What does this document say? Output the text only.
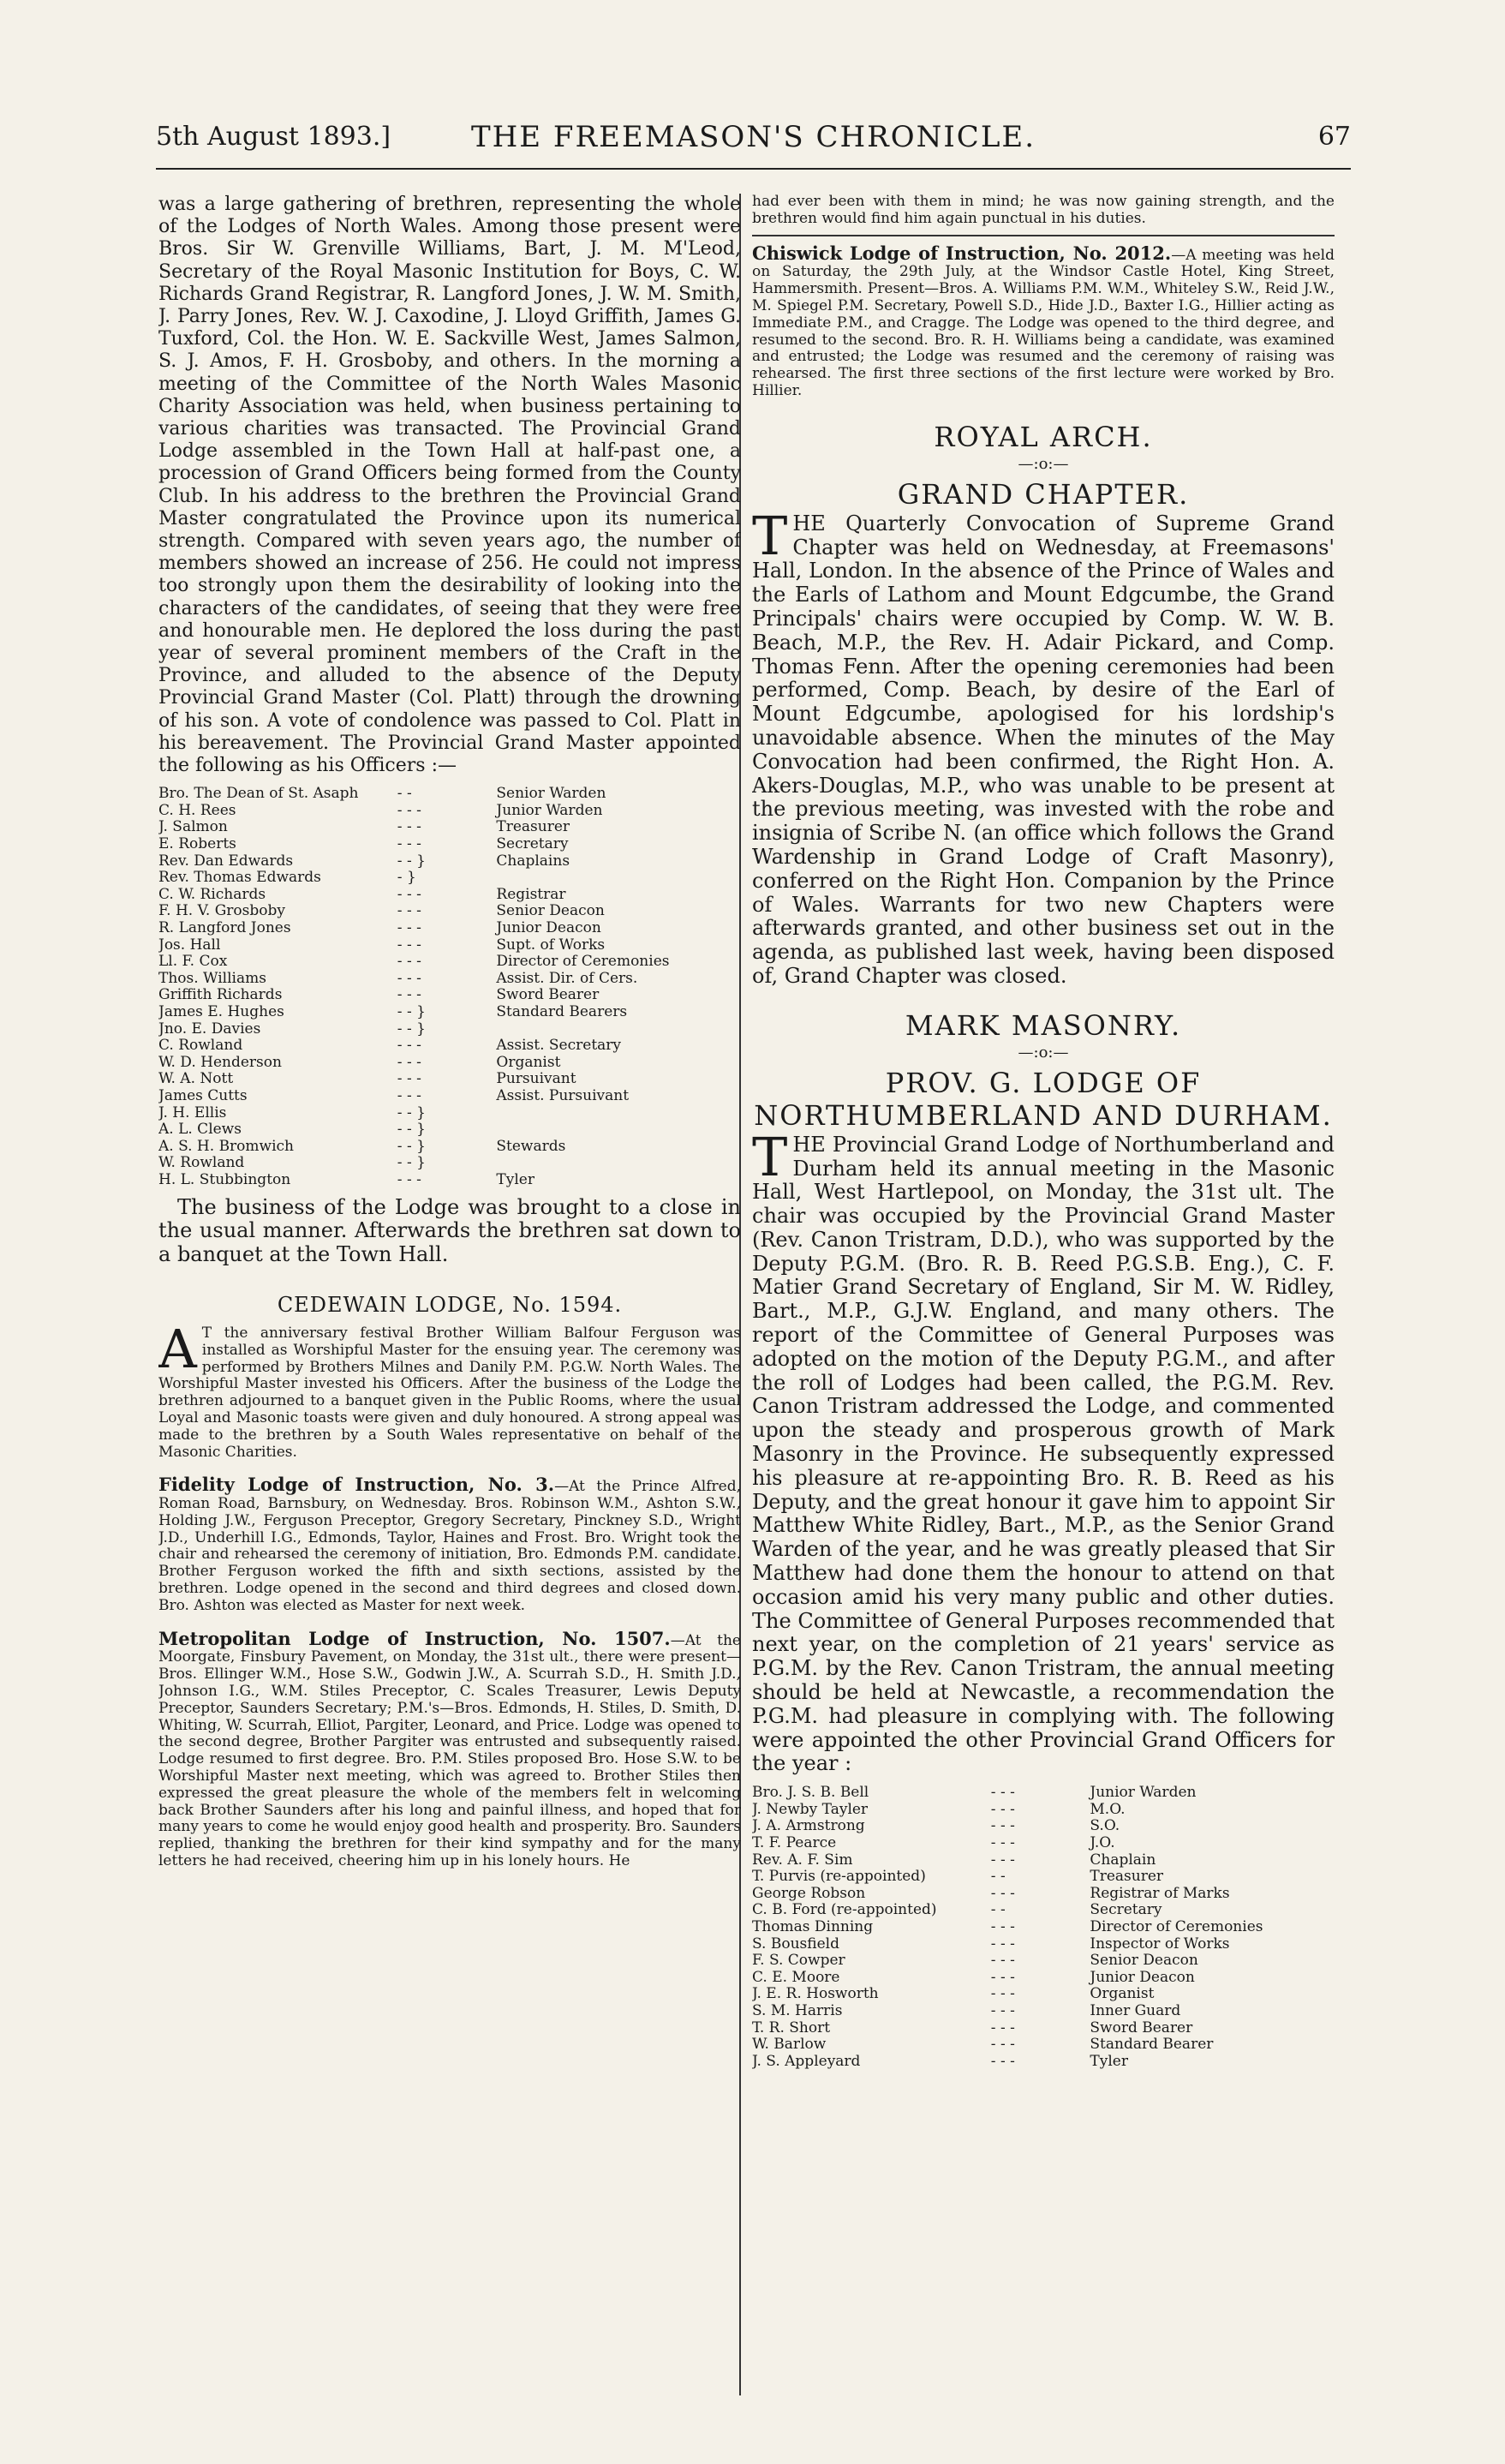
5th August 1893.]	THE FREEMASON'S CHRONICLE.	67

was a large gathering of brethren, representing the whole of the Lodges of North Wales. Among those present were Bros. Sir W. Grenville Williams, Bart, J. M. M'Leod, Secretary of the Royal Masonic Institution for Boys, C. W. Richards Grand Registrar, R. Langford Jones, J. W. M. Smith, J. Parry Jones, Rev. W. J. Caxodine, J. Lloyd Griffith, James G. Tuxford, Col. the Hon. W. E. Sackville West, James Salmon, S. J. Amos, F. H. Grosboby, and others. In the morning a meeting of the Committee of the North Wales Masonic Charity Association was held, when business pertaining to various charities was transacted. The Provincial Grand Lodge assembled in the Town Hall at half-past one, a procession of Grand Officers being formed from the County Club. In his address to the brethren the Provincial Grand Master congratulated the Province upon its numerical strength. Compared with seven years ago, the number of members showed an increase of 256. He could not impress too strongly upon them the desirability of looking into the characters of the candidates, of seeing that they were free and honourable men. He deplored the loss during the past year of several prominent members of the Craft in the Province, and alluded to the absence of the Deputy Provincial Grand Master (Col. Platt) through the drowning of his son. A vote of condolence was passed to Col. Platt in his bereavement. The Provincial Grand Master appointed the following as his Officers :—

Bro. The Dean of St. Asaph	- -	Senior Warden
C. H. Rees	- - -	Junior Warden
J. Salmon	- - -	Treasurer
E. Roberts	- - -	Secretary
Rev. Dan Edwards	- - }	Chaplains
Rev. Thomas Edwards	- }	
C. W. Richards	- - -	Registrar
F. H. V. Grosboby	- - -	Senior Deacon
R. Langford Jones	- - -	Junior Deacon
Jos. Hall	- - -	Supt. of Works
Ll. F. Cox	- - -	Director of Ceremonies
Thos. Williams	- - -	Assist. Dir. of Cers.
Griffith Richards	- - -	Sword Bearer
James E. Hughes	- - }	Standard Bearers
Jno. E. Davies	- - }	
C. Rowland	- - -	Assist. Secretary
W. D. Henderson	- - -	Organist
W. A. Nott	- - -	Pursuivant
James Cutts	- - -	Assist. Pursuivant
J. H. Ellis	- - }	
A. L. Clews	- - }	
A. S. H. Bromwich	- - }	Stewards
W. Rowland	- - }	
H. L. Stubbington	- - -	Tyler

The business of the Lodge was brought to a close in the usual manner. Afterwards the brethren sat down to a banquet at the Town Hall.

CEDEWAIN LODGE, No. 1594.

A T the anniversary festival Brother William Balfour Ferguson was installed as Worshipful Master for the ensuing year. The ceremony was performed by Brothers Milnes and Danily P.M. P.G.W. North Wales. The Worshipful Master invested his Officers. After the business of the Lodge the brethren adjourned to a banquet given in the Public Rooms, where the usual Loyal and Masonic toasts were given and duly honoured. A strong appeal was made to the brethren by a South Wales representative on behalf of the Masonic Charities.

Fidelity Lodge of Instruction, No. 3.—At the Prince Alfred, Roman Road, Barnsbury, on Wednesday. Bros. Robinson W.M., Ashton S.W., Holding J.W., Ferguson Preceptor, Gregory Secretary, Pinckney S.D., Wright J.D., Underhill I.G., Edmonds, Taylor, Haines and Frost. Bro. Wright took the chair and rehearsed the ceremony of initiation, Bro. Edmonds P.M. candidate. Brother Ferguson worked the fifth and sixth sections, assisted by the brethren. Lodge opened in the second and third degrees and closed down. Bro. Ashton was elected as Master for next week.

Metropolitan Lodge of Instruction, No. 1507.—At the Moorgate, Finsbury Pavement, on Monday, the 31st ult., there were present—Bros. Ellinger W.M., Hose S.W., Godwin J.W., A. Scurrah S.D., H. Smith J.D., Johnson I.G., W.M. Stiles Preceptor, C. Scales Treasurer, Lewis Deputy Preceptor, Saunders Secretary; P.M.'s—Bros. Edmonds, H. Stiles, D. Smith, D. Whiting, W. Scurrah, Elliot, Pargiter, Leonard, and Price. Lodge was opened to the second degree, Brother Pargiter was entrusted and subsequently raised. Lodge resumed to first degree. Bro. P.M. Stiles proposed Bro. Hose S.W. to be Worshipful Master next meeting, which was agreed to. Brother Stiles then expressed the great pleasure the whole of the members felt in welcoming back Brother Saunders after his long and painful illness, and hoped that for many years to come he would enjoy good health and prosperity. Bro. Saunders replied, thanking the brethren for their kind sympathy and for the many letters he had received, cheering him up in his lonely hours. He

had ever been with them in mind; he was now gaining strength, and the brethren would find him again punctual in his duties.

Chiswick Lodge of Instruction, No. 2012.—A meeting was held on Saturday, the 29th July, at the Windsor Castle Hotel, King Street, Hammersmith. Present—Bros. A. Williams P.M. W.M., Whiteley S.W., Reid J.W., M. Spiegel P.M. Secretary, Powell S.D., Hide J.D., Baxter I.G., Hillier acting as Immediate P.M., and Cragge. The Lodge was opened to the third degree, and resumed to the second. Bro. R. H. Williams being a candidate, was examined and entrusted; the Lodge was resumed and the ceremony of raising was rehearsed. The first three sections of the first lecture were worked by Bro. Hillier.

ROYAL ARCH.
—:o:—
GRAND CHAPTER.

THE Quarterly Convocation of Supreme Grand Chapter was held on Wednesday, at Freemasons' Hall, London. In the absence of the Prince of Wales and the Earls of Lathom and Mount Edgcumbe, the Grand Principals' chairs were occupied by Comp. W. W. B. Beach, M.P., the Rev. H. Adair Pickard, and Comp. Thomas Fenn. After the opening ceremonies had been performed, Comp. Beach, by desire of the Earl of Mount Edgcumbe, apologised for his lordship's unavoidable absence. When the minutes of the May Convocation had been confirmed, the Right Hon. A. Akers-Douglas, M.P., who was unable to be present at the previous meeting, was invested with the robe and insignia of Scribe N. (an office which follows the Grand Wardenship in Grand Lodge of Craft Masonry), conferred on the Right Hon. Companion by the Prince of Wales. Warrants for two new Chapters were afterwards granted, and other business set out in the agenda, as published last week, having been disposed of, Grand Chapter was closed.

MARK MASONRY.
—:o:—
PROV. G. LODGE OF NORTHUMBERLAND AND DURHAM.

THE Provincial Grand Lodge of Northumberland and Durham held its annual meeting in the Masonic Hall, West Hartlepool, on Monday, the 31st ult. The chair was occupied by the Provincial Grand Master (Rev. Canon Tristram, D.D.), who was supported by the Deputy P.G.M. (Bro. R. B. Reed P.G.S.B. Eng.), C. F. Matier Grand Secretary of England, Sir M. W. Ridley, Bart., M.P., G.J.W. England, and many others. The report of the Committee of General Purposes was adopted on the motion of the Deputy P.G.M., and after the roll of Lodges had been called, the P.G.M. Rev. Canon Tristram addressed the Lodge, and commented upon the steady and prosperous growth of Mark Masonry in the Province. He subsequently expressed his pleasure at re-appointing Bro. R. B. Reed as his Deputy, and the great honour it gave him to appoint Sir Matthew White Ridley, Bart., M.P., as the Senior Grand Warden of the year, and he was greatly pleased that Sir Matthew had done them the honour to attend on that occasion amid his very many public and other duties. The Committee of General Purposes recommended that next year, on the completion of 21 years' service as P.G.M. by the Rev. Canon Tristram, the annual meeting should be held at Newcastle, a recommendation the P.G.M. had pleasure in complying with. The following were appointed the other Provincial Grand Officers for the year :

Bro. J. S. B. Bell	- - -	Junior Warden
J. Newby Tayler	- - -	M.O.
J. A. Armstrong	- - -	S.O.
T. F. Pearce	- - -	J.O.
Rev. A. F. Sim	- - -	Chaplain
T. Purvis (re-appointed)	- -	Treasurer
George Robson	- - -	Registrar of Marks
C. B. Ford (re-appointed)	- -	Secretary
Thomas Dinning	- - -	Director of Ceremonies
S. Bousfield	- - -	Inspector of Works
F. S. Cowper	- - -	Senior Deacon
C. E. Moore	- - -	Junior Deacon
J. E. R. Hosworth	- - -	Organist
S. M. Harris	- - -	Inner Guard
T. R. Short	- - -	Sword Bearer
W. Barlow	- - -	Standard Bearer
J. S. Appleyard	- - -	Tyler
